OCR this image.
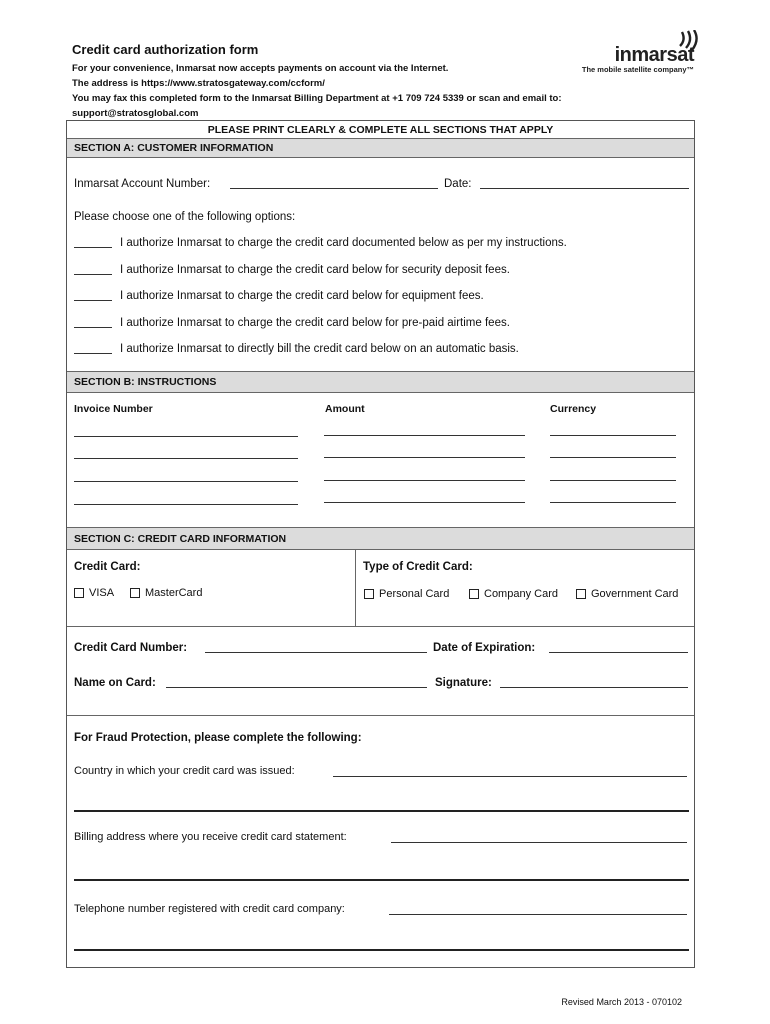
Credit card authorization form
For your convenience, Inmarsat now accepts payments on account via the Internet.
The address is https://www.stratosgateway.com/ccform/
You may fax this completed form to the Inmarsat Billing Department at +1 709 724 5339 or scan and email to:
support@stratosglobal.com
inmarsat
The mobile satellite company™
PLEASE PRINT CLEARLY & COMPLETE ALL SECTIONS THAT APPLY
SECTION A: CUSTOMER INFORMATION
Inmarsat Account Number:	Date:
Please choose one of the following options:
I authorize Inmarsat to charge the credit card documented below as per my instructions.
I authorize Inmarsat to charge the credit card below for security deposit fees.
I authorize Inmarsat to charge the credit card below for equipment fees.
I authorize Inmarsat to charge the credit card below for pre-paid airtime fees.
I authorize Inmarsat to directly bill the credit card below on an automatic basis.
SECTION B: INSTRUCTIONS
Invoice Number	Amount	Currency
SECTION C: CREDIT CARD INFORMATION
Credit Card:
VISA	MasterCard
Type of Credit Card:
Personal Card	Company Card	Government Card
Credit Card Number:	Date of Expiration:
Name on Card:	Signature:
For Fraud Protection, please complete the following:
Country in which your credit card was issued:
Billing address where you receive credit card statement:
Telephone number registered with credit card company:
Revised March 2013 - 070102
